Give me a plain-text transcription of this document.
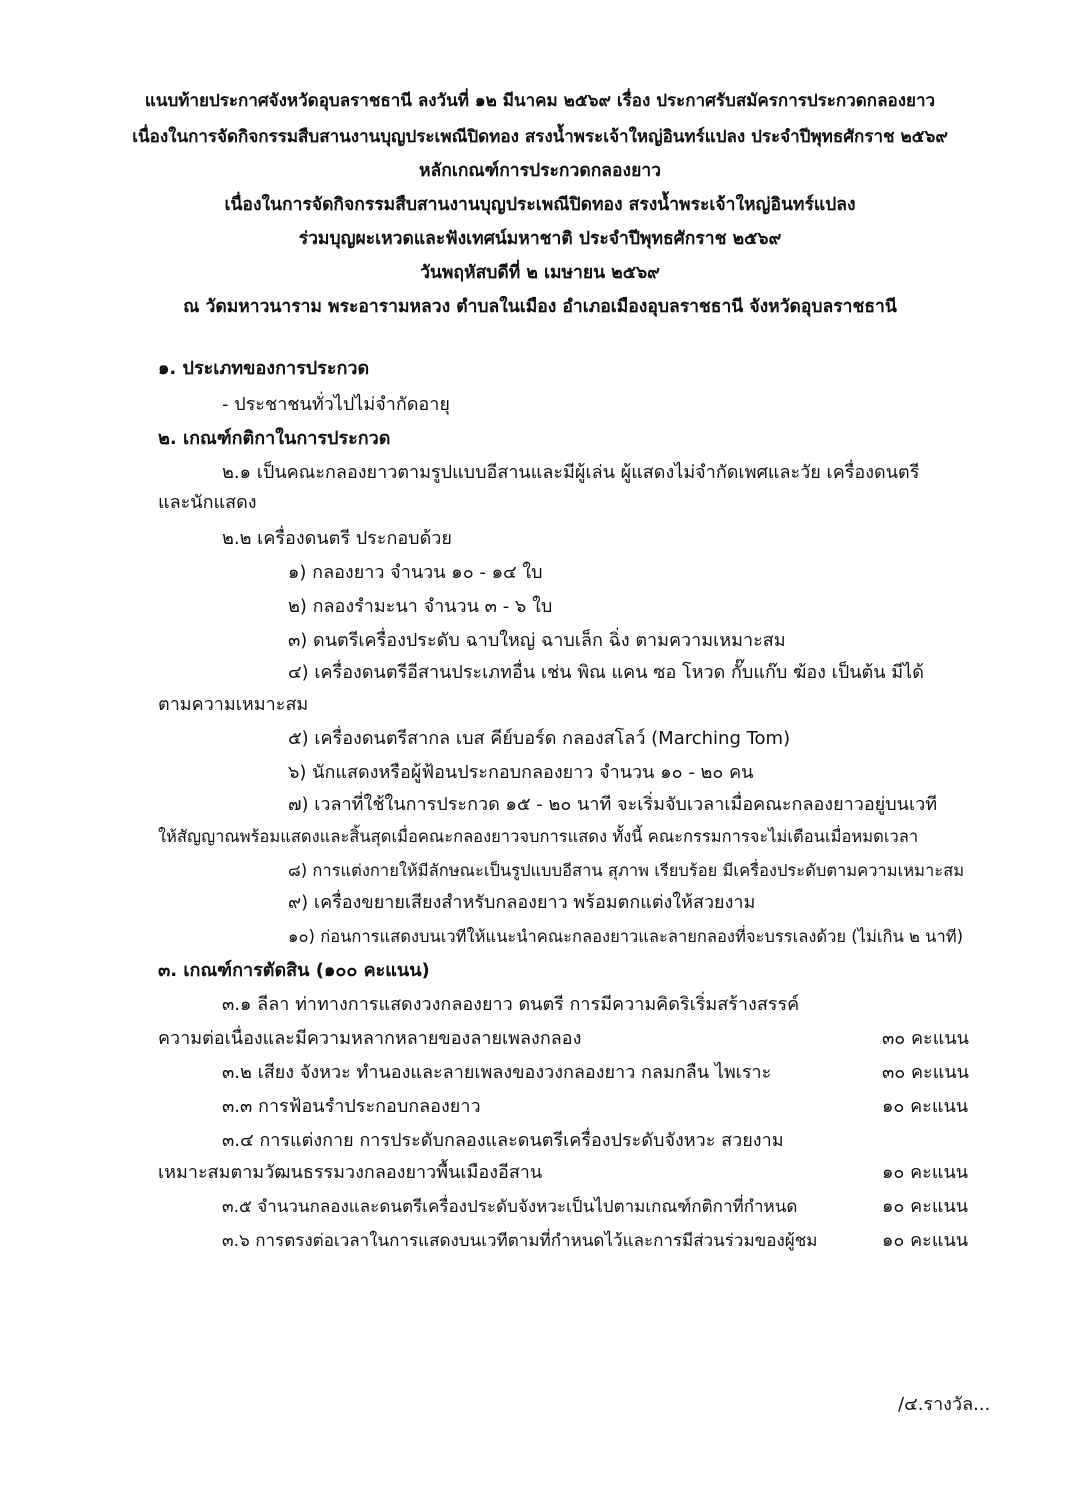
แนบท้ายประกาศจังหวัดอุบลราชธานี ลงวันที่ ๑๒ มีนาคม ๒๕๖๙ เรื่อง ประกาศรับสมัครการประกวดกลองยาว
เนื่องในการจัดกิจกรรมสืบสานงานบุญประเพณีปิดทอง สรงน้ำพระเจ้าใหญ่อินทร์แปลง ประจำปีพุทธศักราช ๒๕๖๙
หลักเกณฑ์การประกวดกลองยาว
เนื่องในการจัดกิจกรรมสืบสานงานบุญประเพณีปิดทอง สรงน้ำพระเจ้าใหญ่อินทร์แปลง
ร่วมบุญผะเหวดและฟังเทศน์มหาชาติ ประจำปีพุทธศักราช ๒๕๖๙
วันพฤหัสบดีที่ ๒ เมษายน ๒๕๖๙
ณ วัดมหาวนาราม พระอารามหลวง ตำบลในเมือง อำเภอเมืองอุบลราชธานี จังหวัดอุบลราชธานี
๑. ประเภทของการประกวด
- ประชาชนทั่วไปไม่จำกัดอายุ
๒. เกณฑ์กติกาในการประกวด
๒.๑ เป็นคณะกลองยาวตามรูปแบบอีสานและมีผู้เล่น ผู้แสดงไม่จำกัดเพศและวัย เครื่องดนตรี
และนักแสดง
๒.๒ เครื่องดนตรี ประกอบด้วย
๑) กลองยาว จำนวน ๑๐ - ๑๔ ใบ
๒) กลองรำมะนา จำนวน ๓ - ๖ ใบ
๓) ดนตรีเครื่องประดับ ฉาบใหญ่ ฉาบเล็ก ฉิ่ง ตามความเหมาะสม
๔) เครื่องดนตรีอีสานประเภทอื่น เช่น พิณ แคน ซอ โหวด กั๊บแก๊บ ฆ้อง เป็นต้น มีได้
ตามความเหมาะสม
๕) เครื่องดนตรีสากล เบส คีย์บอร์ด กลองสโลว์ (Marching Tom)
๖) นักแสดงหรือผู้ฟ้อนประกอบกลองยาว จำนวน ๑๐ - ๒๐ คน
๗) เวลาที่ใช้ในการประกวด ๑๕ - ๒๐ นาที จะเริ่มจับเวลาเมื่อคณะกลองยาวอยู่บนเวที
ให้สัญญาณพร้อมแสดงและสิ้นสุดเมื่อคณะกลองยาวจบการแสดง ทั้งนี้ คณะกรรมการจะไม่เตือนเมื่อหมดเวลา
๘) การแต่งกายให้มีลักษณะเป็นรูปแบบอีสาน สุภาพ เรียบร้อย มีเครื่องประดับตามความเหมาะสม
๙) เครื่องขยายเสียงสำหรับกลองยาว พร้อมตกแต่งให้สวยงาม
๑๐) ก่อนการแสดงบนเวทีให้แนะนำคณะกลองยาวและลายกลองที่จะบรรเลงด้วย (ไม่เกิน ๒ นาที)
๓. เกณฑ์การตัดสิน (๑๐๐ คะแนน)
๓.๑ ลีลา ท่าทางการแสดงวงกลองยาว ดนตรี การมีความคิดริเริ่มสร้างสรรค์
ความต่อเนื่องและมีความหลากหลายของลายเพลงกลอง	๓๐ คะแนน
๓.๒ เสียง จังหวะ ทำนองและลายเพลงของวงกลองยาว กลมกลืน ไพเราะ	๓๐ คะแนน
๓.๓ การฟ้อนรำประกอบกลองยาว	๑๐ คะแนน
๓.๔ การแต่งกาย การประดับกลองและดนตรีเครื่องประดับจังหวะ สวยงาม
เหมาะสมตามวัฒนธรรมวงกลองยาวพื้นเมืองอีสาน	๑๐ คะแนน
๓.๕ จำนวนกลองและดนตรีเครื่องประดับจังหวะเป็นไปตามเกณฑ์กติกาที่กำหนด	๑๐ คะแนน
๓.๖ การตรงต่อเวลาในการแสดงบนเวทีตามที่กำหนดไว้และการมีส่วนร่วมของผู้ชม	๑๐ คะแนน
/๔.รางวัล...
